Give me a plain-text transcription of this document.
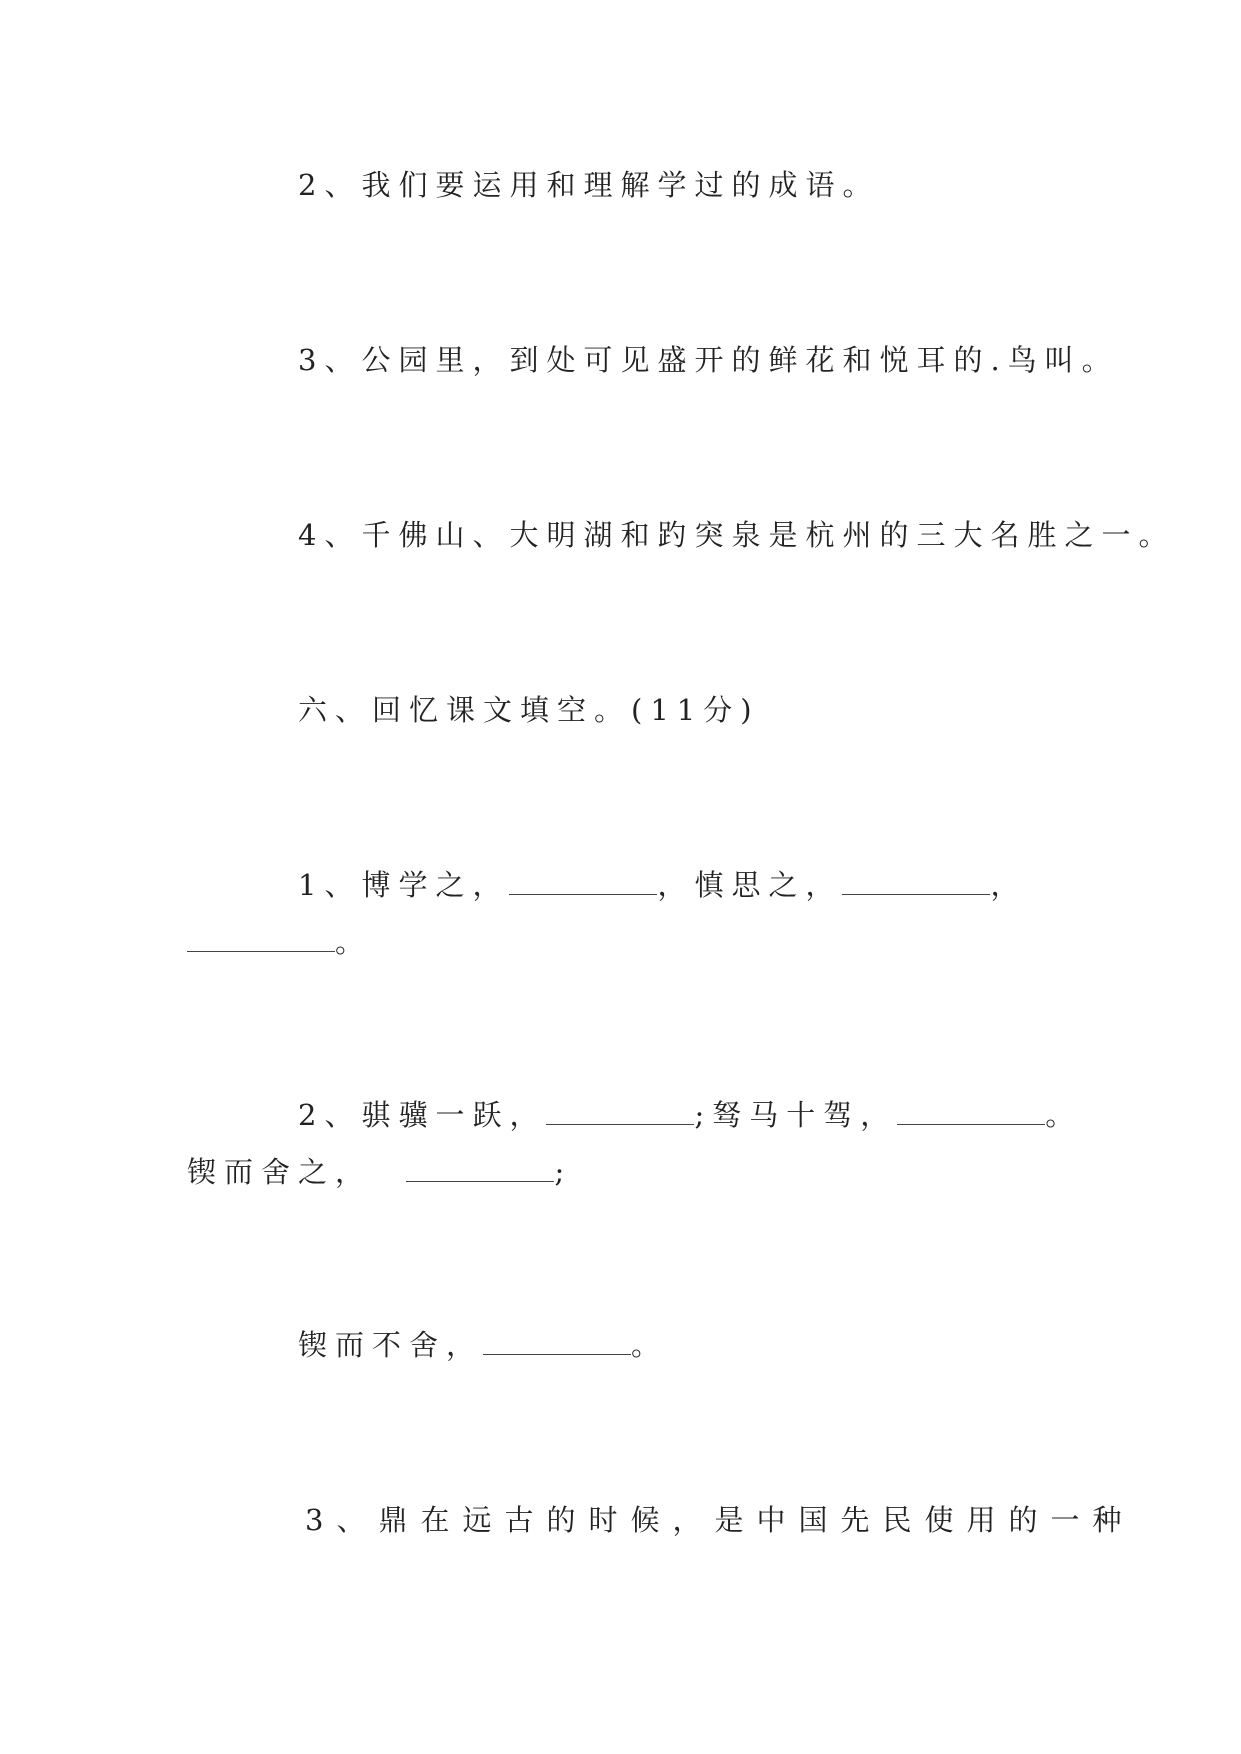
2、我们要运用和理解学过的成语。

3、公园里，到处可见盛开的鲜花和悦耳的.鸟叫。

4、千佛山、大明湖和趵突泉是杭州的三大名胜之一。

六、回忆课文填空。(11分)

1、博学之，	，慎思之，	，
。
2、骐骥一跃，	;驽马十驾，	。
锲而舍之，	;
锲而不舍，	。

3、鼎在远古的时候，是中国先民使用的一种
